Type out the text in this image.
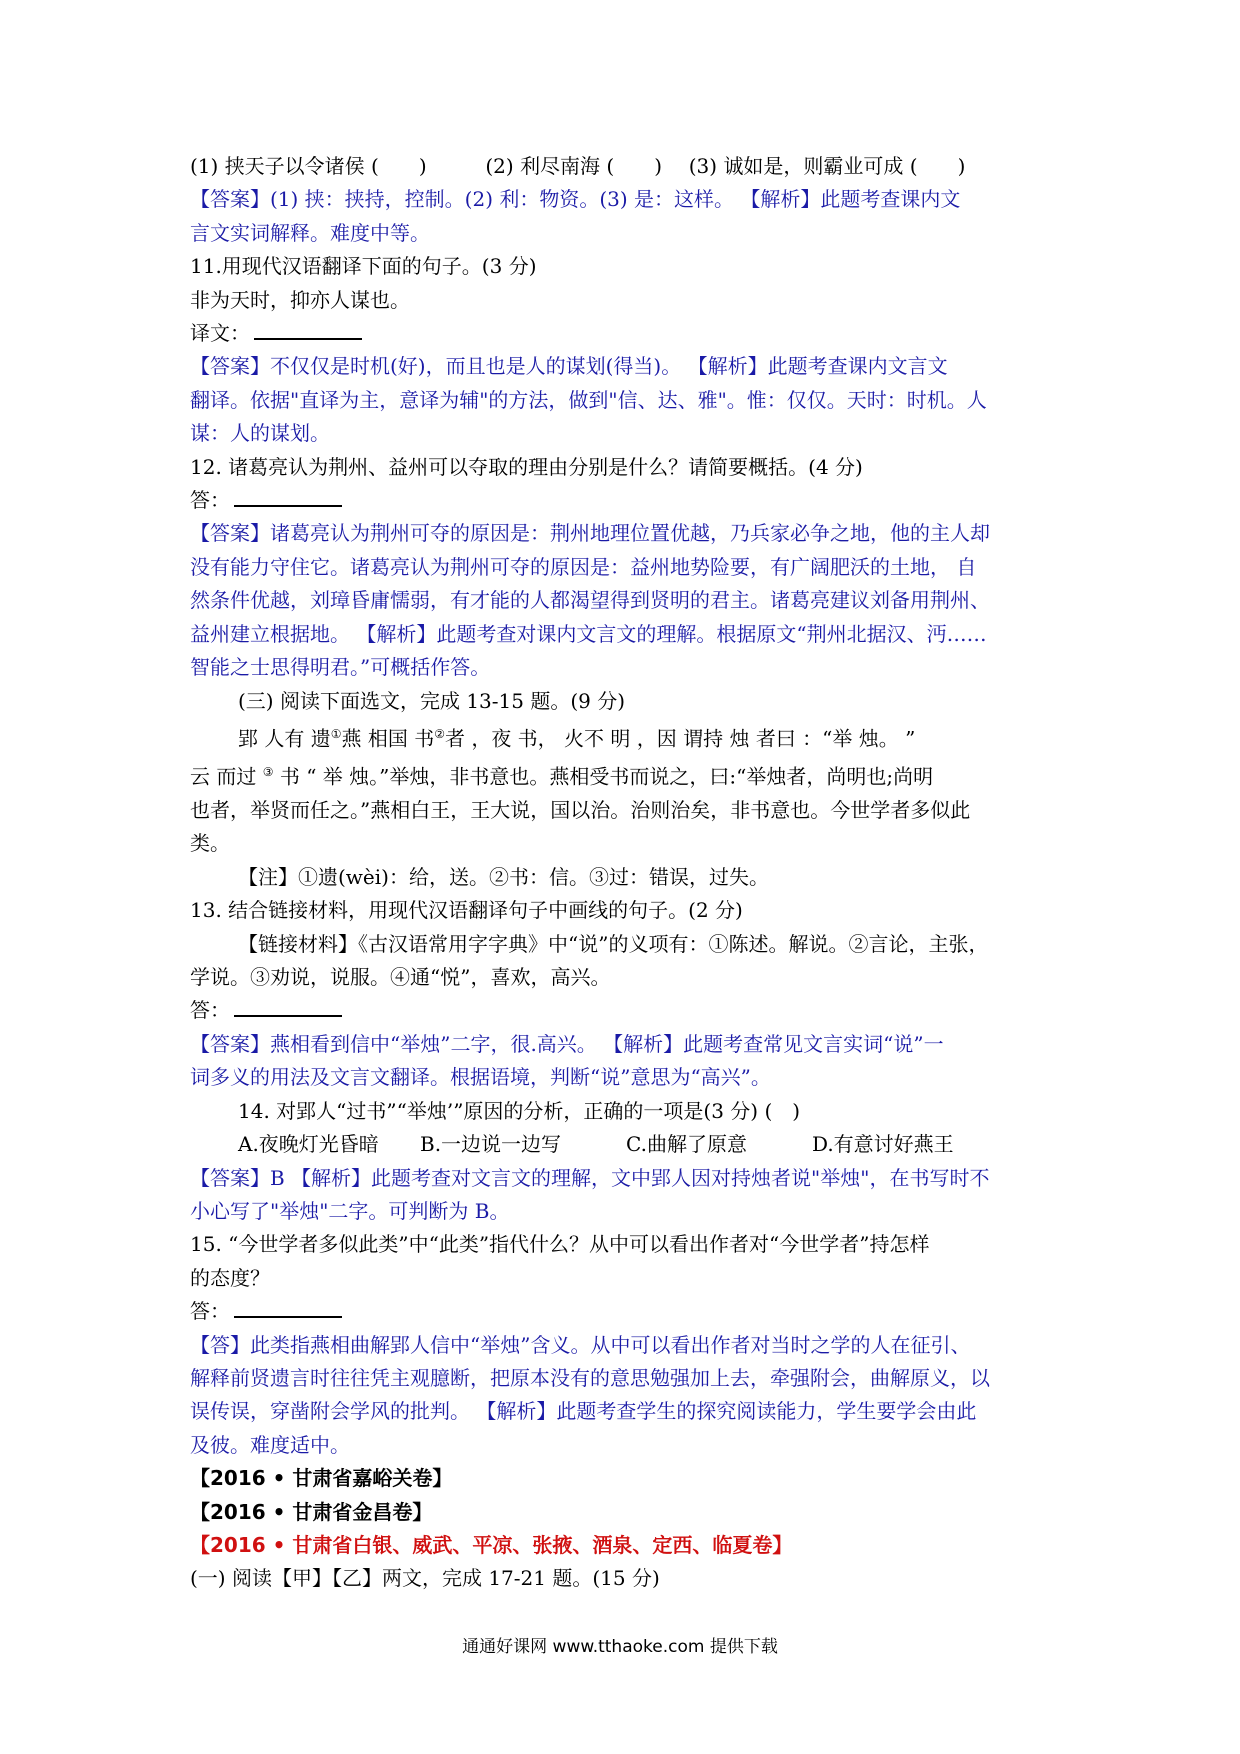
(1) 挟天子以令诸侯 (　　)	(2) 利尽南海 (　　) (3) 诚如是，则霸业可成 (　　)
【答案】(1) 挟：挟持，控制。(2) 利：物资。(3) 是：这样。 【解析】此题考查课内文
言文实词解释。难度中等。
11.用现代汉语翻译下面的句子。(3 分)
非为天时，抑亦人谋也。
译文：
【答案】不仅仅是时机(好)，而且也是人的谋划(得当)。 【解析】此题考查课内文言文
翻译。依据"直译为主，意译为辅"的方法，做到"信、达、雅"。惟：仅仅。天时：时机。人
谋：人的谋划。
12. 诸葛亮认为荆州、益州可以夺取的理由分别是什么？请简要概括。(4 分)
答：
【答案】诸葛亮认为荆州可夺的原因是：荆州地理位置优越，乃兵家必争之地，他的主人却
没有能力守住它。诸葛亮认为荆州可夺的原因是：益州地势险要，有广阔肥沃的土地， 自
然条件优越，刘璋昏庸懦弱，有才能的人都渴望得到贤明的君主。诸葛亮建议刘备用荆州、
益州建立根据地。 【解析】此题考查对课内文言文的理解。根据原文“荆州北据汉、沔……
智能之士思得明君。”可概括作答。
(三) 阅读下面选文，完成 13-15 题。(9 分)
郢 人有 遗①燕 相国 书②者 ，夜 书， 火不 明 ，因 谓持 烛 者曰 ：“举 烛。 ”
云 而过 ③ 书 “ 举 烛。”举烛，非书意也。燕相受书而说之，曰:“举烛者，尚明也;尚明
也者，举贤而任之。”燕相白王，王大说，国以治。治则治矣，非书意也。今世学者多似此
类。
【注】①遗(wèi)：给，送。②书：信。③过：错误，过失。
13. 结合链接材料，用现代汉语翻译句子中画线的句子。(2 分)
【链接材料】《古汉语常用字字典》中“说”的义项有：①陈述。解说。②言论，主张，
学说。③劝说，说服。④通“悦”，喜欢，高兴。
答：
【答案】燕相看到信中“举烛”二字，很.高兴。 【解析】此题考查常见文言实词“说”一
词多义的用法及文言文翻译。根据语境，判断“说”意思为“高兴”。
14. 对郢人“过书”“举烛’”原因的分析，正确的一项是(3 分) (　)
A.夜晚灯光昏暗 B.一边说一边写	C.曲解了原意	D.有意讨好燕王
【答案】B 【解析】此题考查对文言文的理解，文中郢人因对持烛者说"举烛"，在书写时不
小心写了"举烛"二字。可判断为 B。
15. “今世学者多似此类”中“此类”指代什么？从中可以看出作者对“今世学者”持怎样
的态度？
答：
【答】此类指燕相曲解郢人信中“举烛”含义。从中可以看出作者对当时之学的人在征引、
解释前贤遗言时往往凭主观臆断，把原本没有的意思勉强加上去，牵强附会，曲解原义，以
误传误，穿凿附会学风的批判。 【解析】此题考查学生的探究阅读能力，学生要学会由此
及彼。难度适中。
【2016 • 甘肃省嘉峪关卷】
【2016 • 甘肃省金昌卷】
【2016 • 甘肃省白银、威武、平凉、张掖、酒泉、定西、临夏卷】
(一) 阅读【甲】【乙】两文，完成 17-21 题。(15 分)
通通好课网 www.tthaoke.com 提供下载
